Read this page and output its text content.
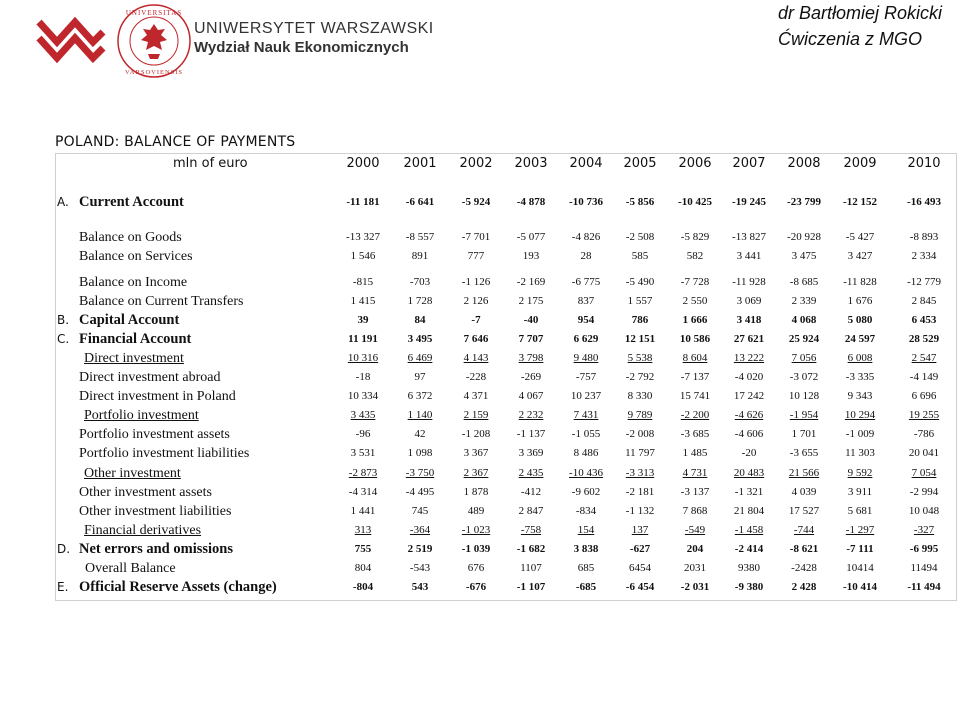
UNIVERSITAS
VARSOVIENSIS
UNIWERSYTET WARSZAWSKI
Wydział Nauk Ekonomicznych
dr Bartłomiej Rokicki
Ćwiczenia z MGO
POLAND: BALANCE OF PAYMENTS
mln of euro	2000	2001	2002	2003	2004	2005	2006	2007	2008	2009	2010
A. Current Account	-11 181	-6 641	-5 924	-4 878	-10 736	-5 856	-10 425	-19 245	-23 799	-12 152	-16 493
Balance on Goods	-13 327	-8 557	-7 701	-5 077	-4 826	-2 508	-5 829	-13 827	-20 928	-5 427	-8 893
Balance on Services	1 546	891	777	193	28	585	582	3 441	3 475	3 427	2 334
Balance on Income	-815	-703	-1 126	-2 169	-6 775	-5 490	-7 728	-11 928	-8 685	-11 828	-12 779
Balance on Current Transfers	1 415	1 728	2 126	2 175	837	1 557	2 550	3 069	2 339	1 676	2 845
B. Capital Account	39	84	-7	-40	954	786	1 666	3 418	4 068	5 080	6 453
C. Financial Account	11 191	3 495	7 646	7 707	6 629	12 151	10 586	27 621	25 924	24 597	28 529
Direct investment	10 316	6 469	4 143	3 798	9 480	5 538	8 604	13 222	7 056	6 008	2 547
Direct investment abroad	-18	97	-228	-269	-757	-2 792	-7 137	-4 020	-3 072	-3 335	-4 149
Direct investment in Poland	10 334	6 372	4 371	4 067	10 237	8 330	15 741	17 242	10 128	9 343	6 696
Portfolio investment	3 435	1 140	2 159	2 232	7 431	9 789	-2 200	-4 626	-1 954	10 294	19 255
Portfolio investment assets	-96	42	-1 208	-1 137	-1 055	-2 008	-3 685	-4 606	1 701	-1 009	-786
Portfolio investment liabilities	3 531	1 098	3 367	3 369	8 486	11 797	1 485	-20	-3 655	11 303	20 041
Other investment	-2 873	-3 750	2 367	2 435	-10 436	-3 313	4 731	20 483	21 566	9 592	7 054
Other investment assets	-4 314	-4 495	1 878	-412	-9 602	-2 181	-3 137	-1 321	4 039	3 911	-2 994
Other investment liabilities	1 441	745	489	2 847	-834	-1 132	7 868	21 804	17 527	5 681	10 048
Financial derivatives	313	-364	-1 023	-758	154	137	-549	-1 458	-744	-1 297	-327
D. Net errors and omissions	755	2 519	-1 039	-1 682	3 838	-627	204	-2 414	-8 621	-7 111	-6 995
Overall Balance	804	-543	676	1107	685	6454	2031	9380	-2428	10414	11494
E. Official Reserve Assets (change)	-804	543	-676	-1 107	-685	-6 454	-2 031	-9 380	2 428	-10 414	-11 494
